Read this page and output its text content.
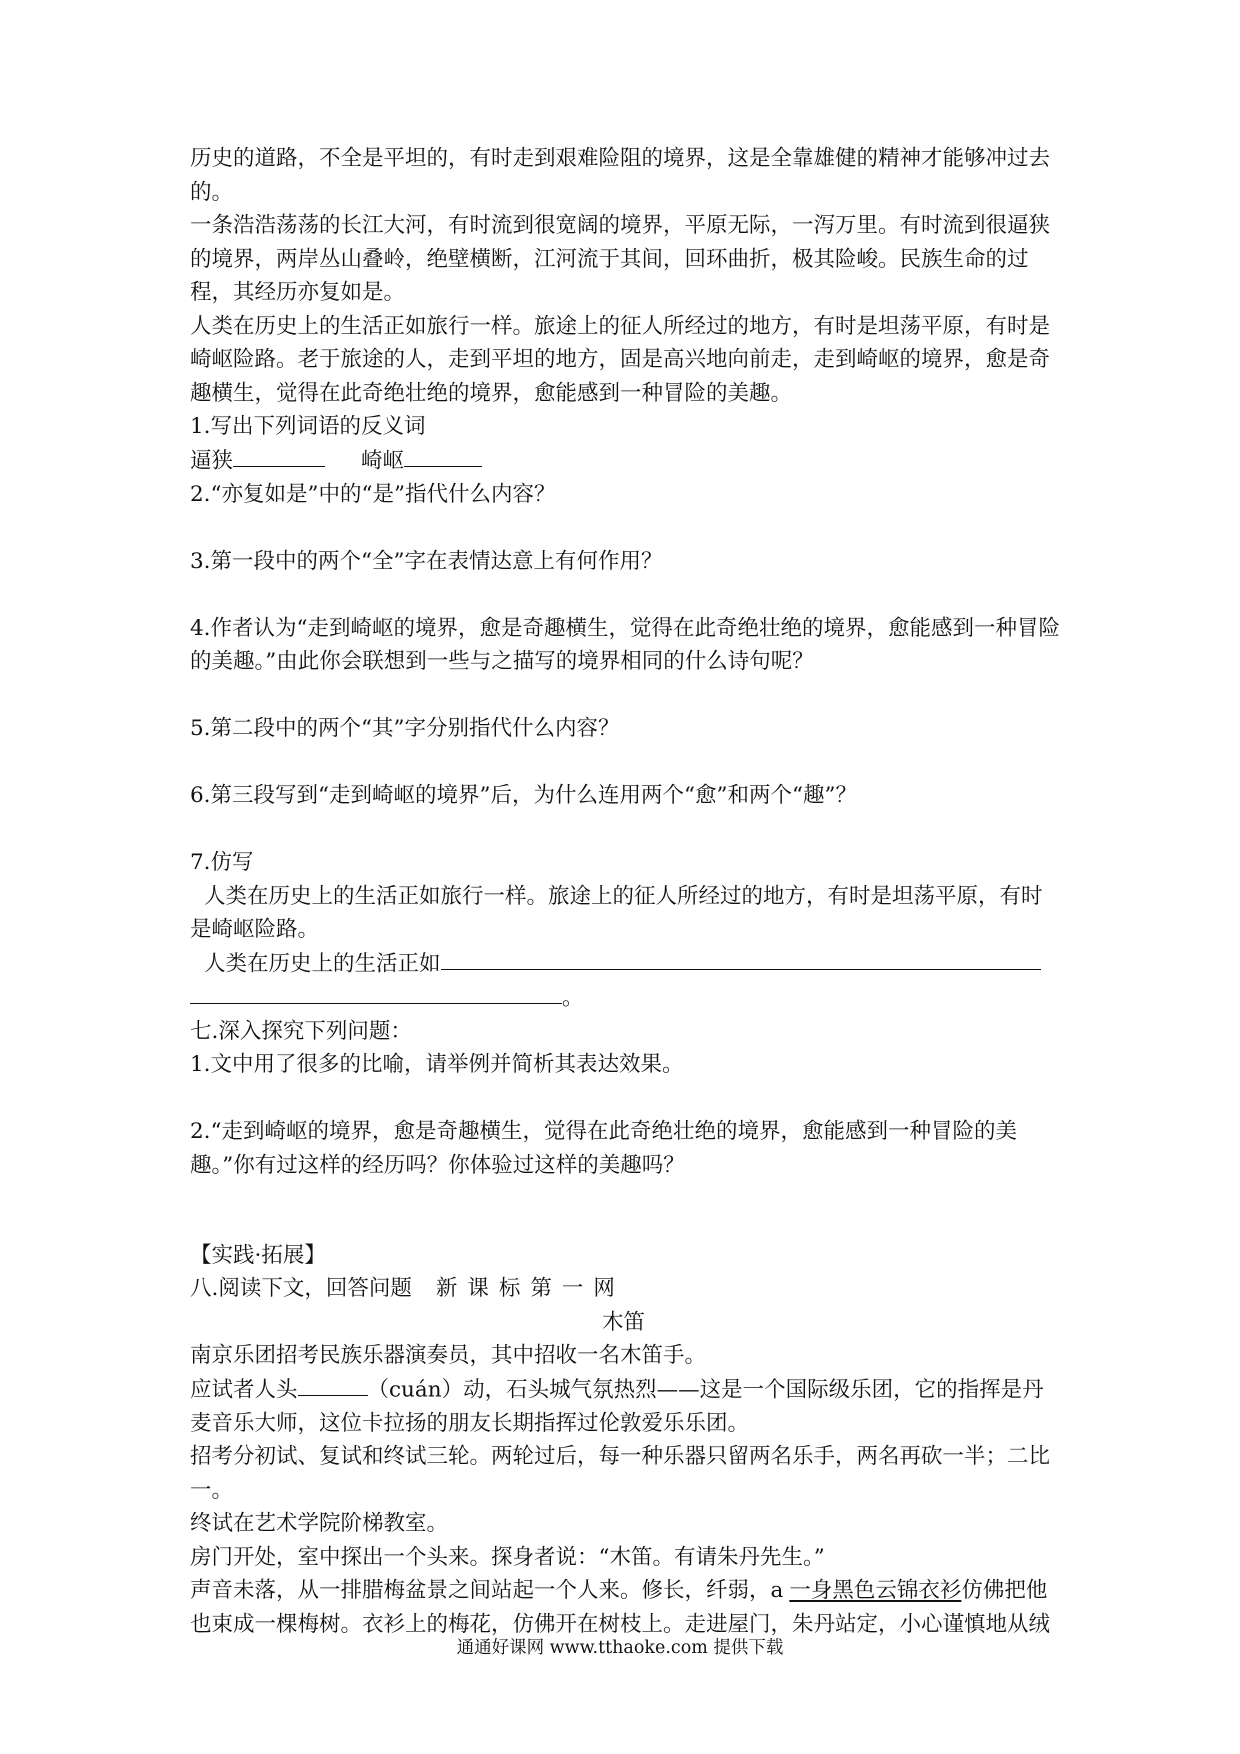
历史的道路，不全是平坦的，有时走到艰难险阻的境界，这是全靠雄健的精神才能够冲过去的。

一条浩浩荡荡的长江大河，有时流到很宽阔的境界，平原无际，一泻万里。有时流到很逼狭的境界，两岸丛山叠岭，绝壁横断，江河流于其间，回环曲折，极其险峻。民族生命的过程，其经历亦复如是。

人类在历史上的生活正如旅行一样。旅途上的征人所经过的地方，有时是坦荡平原，有时是崎岖险路。老于旅途的人，走到平坦的地方，固是高兴地向前走，走到崎岖的境界，愈是奇趣横生，觉得在此奇绝壮绝的境界，愈能感到一种冒险的美趣。

1.写出下列词语的反义词

逼狭	崎岖

2.“亦复如是”中的“是”指代什么内容？

3.第一段中的两个“全”字在表情达意上有何作用？

4.作者认为“走到崎岖的境界，愈是奇趣横生，觉得在此奇绝壮绝的境界，愈能感到一种冒险的美趣。”由此你会联想到一些与之描写的境界相同的什么诗句呢？

5.第二段中的两个“其”字分别指代什么内容？

6.第三段写到“走到崎岖的境界”后，为什么连用两个“愈”和两个“趣”？

7.仿写

人类在历史上的生活正如旅行一样。旅途上的征人所经过的地方，有时是坦荡平原，有时是崎岖险路。

人类在历史上的生活正如

。

七.深入探究下列问题：

1.文中用了很多的比喻，请举例并简析其表达效果。

2.“走到崎岖的境界，愈是奇趣横生，觉得在此奇绝壮绝的境界，愈能感到一种冒险的美趣。”你有过这样的经历吗？你体验过这样的美趣吗？

【实践·拓展】

八.阅读下文，回答问题 新课标第一网

木笛

南京乐团招考民族乐器演奏员，其中招收一名木笛手。

应试者人头	（cuán）动，石头城气氛热烈——这是一个国际级乐团，它的指挥是丹麦音乐大师，这位卡拉扬的朋友长期指挥过伦敦爱乐乐团。

招考分初试、复试和终试三轮。两轮过后，每一种乐器只留两名乐手，两名再砍一半；二比一。

终试在艺术学院阶梯教室。

房门开处，室中探出一个头来。探身者说：“木笛。有请朱丹先生。”

声音未落，从一排腊梅盆景之间站起一个人来。修长，纤弱，a 一身黑色云锦衣衫仿佛把他也束成一棵梅树。衣衫上的梅花，仿佛开在树枝上。走进屋门，朱丹站定，小心谨慎地从绒

通通好课网 www.tthaoke.com 提供下载
